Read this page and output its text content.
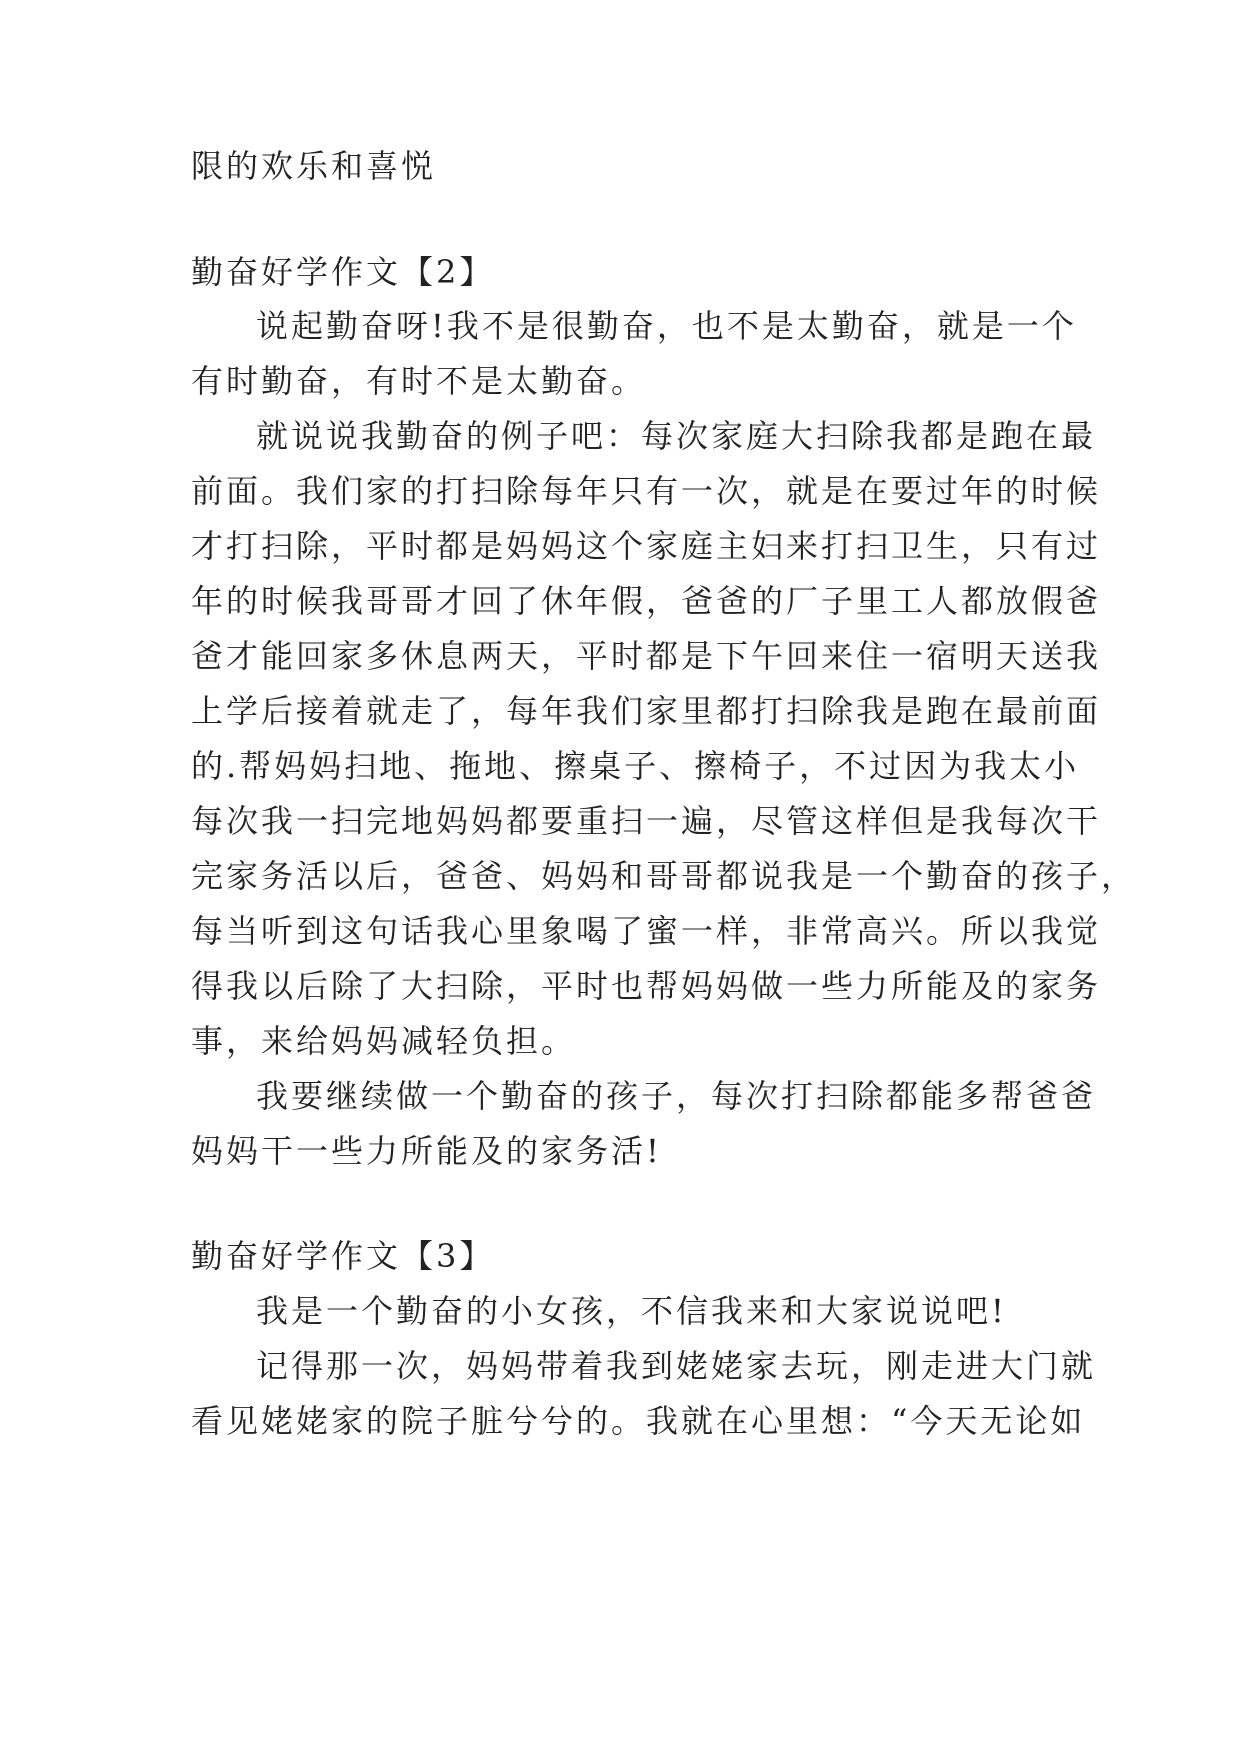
限的欢乐和喜悦
勤奋好学作文【2】
说起勤奋呀!我不是很勤奋，也不是太勤奋，就是一个
有时勤奋，有时不是太勤奋。
就说说我勤奋的例子吧：每次家庭大扫除我都是跑在最
前面。我们家的打扫除每年只有一次，就是在要过年的时候
才打扫除，平时都是妈妈这个家庭主妇来打扫卫生，只有过
年的时候我哥哥才回了休年假，爸爸的厂子里工人都放假爸
爸才能回家多休息两天，平时都是下午回来住一宿明天送我
上学后接着就走了，每年我们家里都打扫除我是跑在最前面
的.帮妈妈扫地、拖地、擦桌子、擦椅子，不过因为我太小
每次我一扫完地妈妈都要重扫一遍，尽管这样但是我每次干
完家务活以后，爸爸、妈妈和哥哥都说我是一个勤奋的孩子，
每当听到这句话我心里象喝了蜜一样，非常高兴。所以我觉
得我以后除了大扫除，平时也帮妈妈做一些力所能及的家务
事，来给妈妈减轻负担。
我要继续做一个勤奋的孩子，每次打扫除都能多帮爸爸
妈妈干一些力所能及的家务活!
勤奋好学作文【3】
我是一个勤奋的小女孩，不信我来和大家说说吧!
记得那一次，妈妈带着我到姥姥家去玩，刚走进大门就
看见姥姥家的院子脏兮兮的。我就在心里想：“今天无论如
